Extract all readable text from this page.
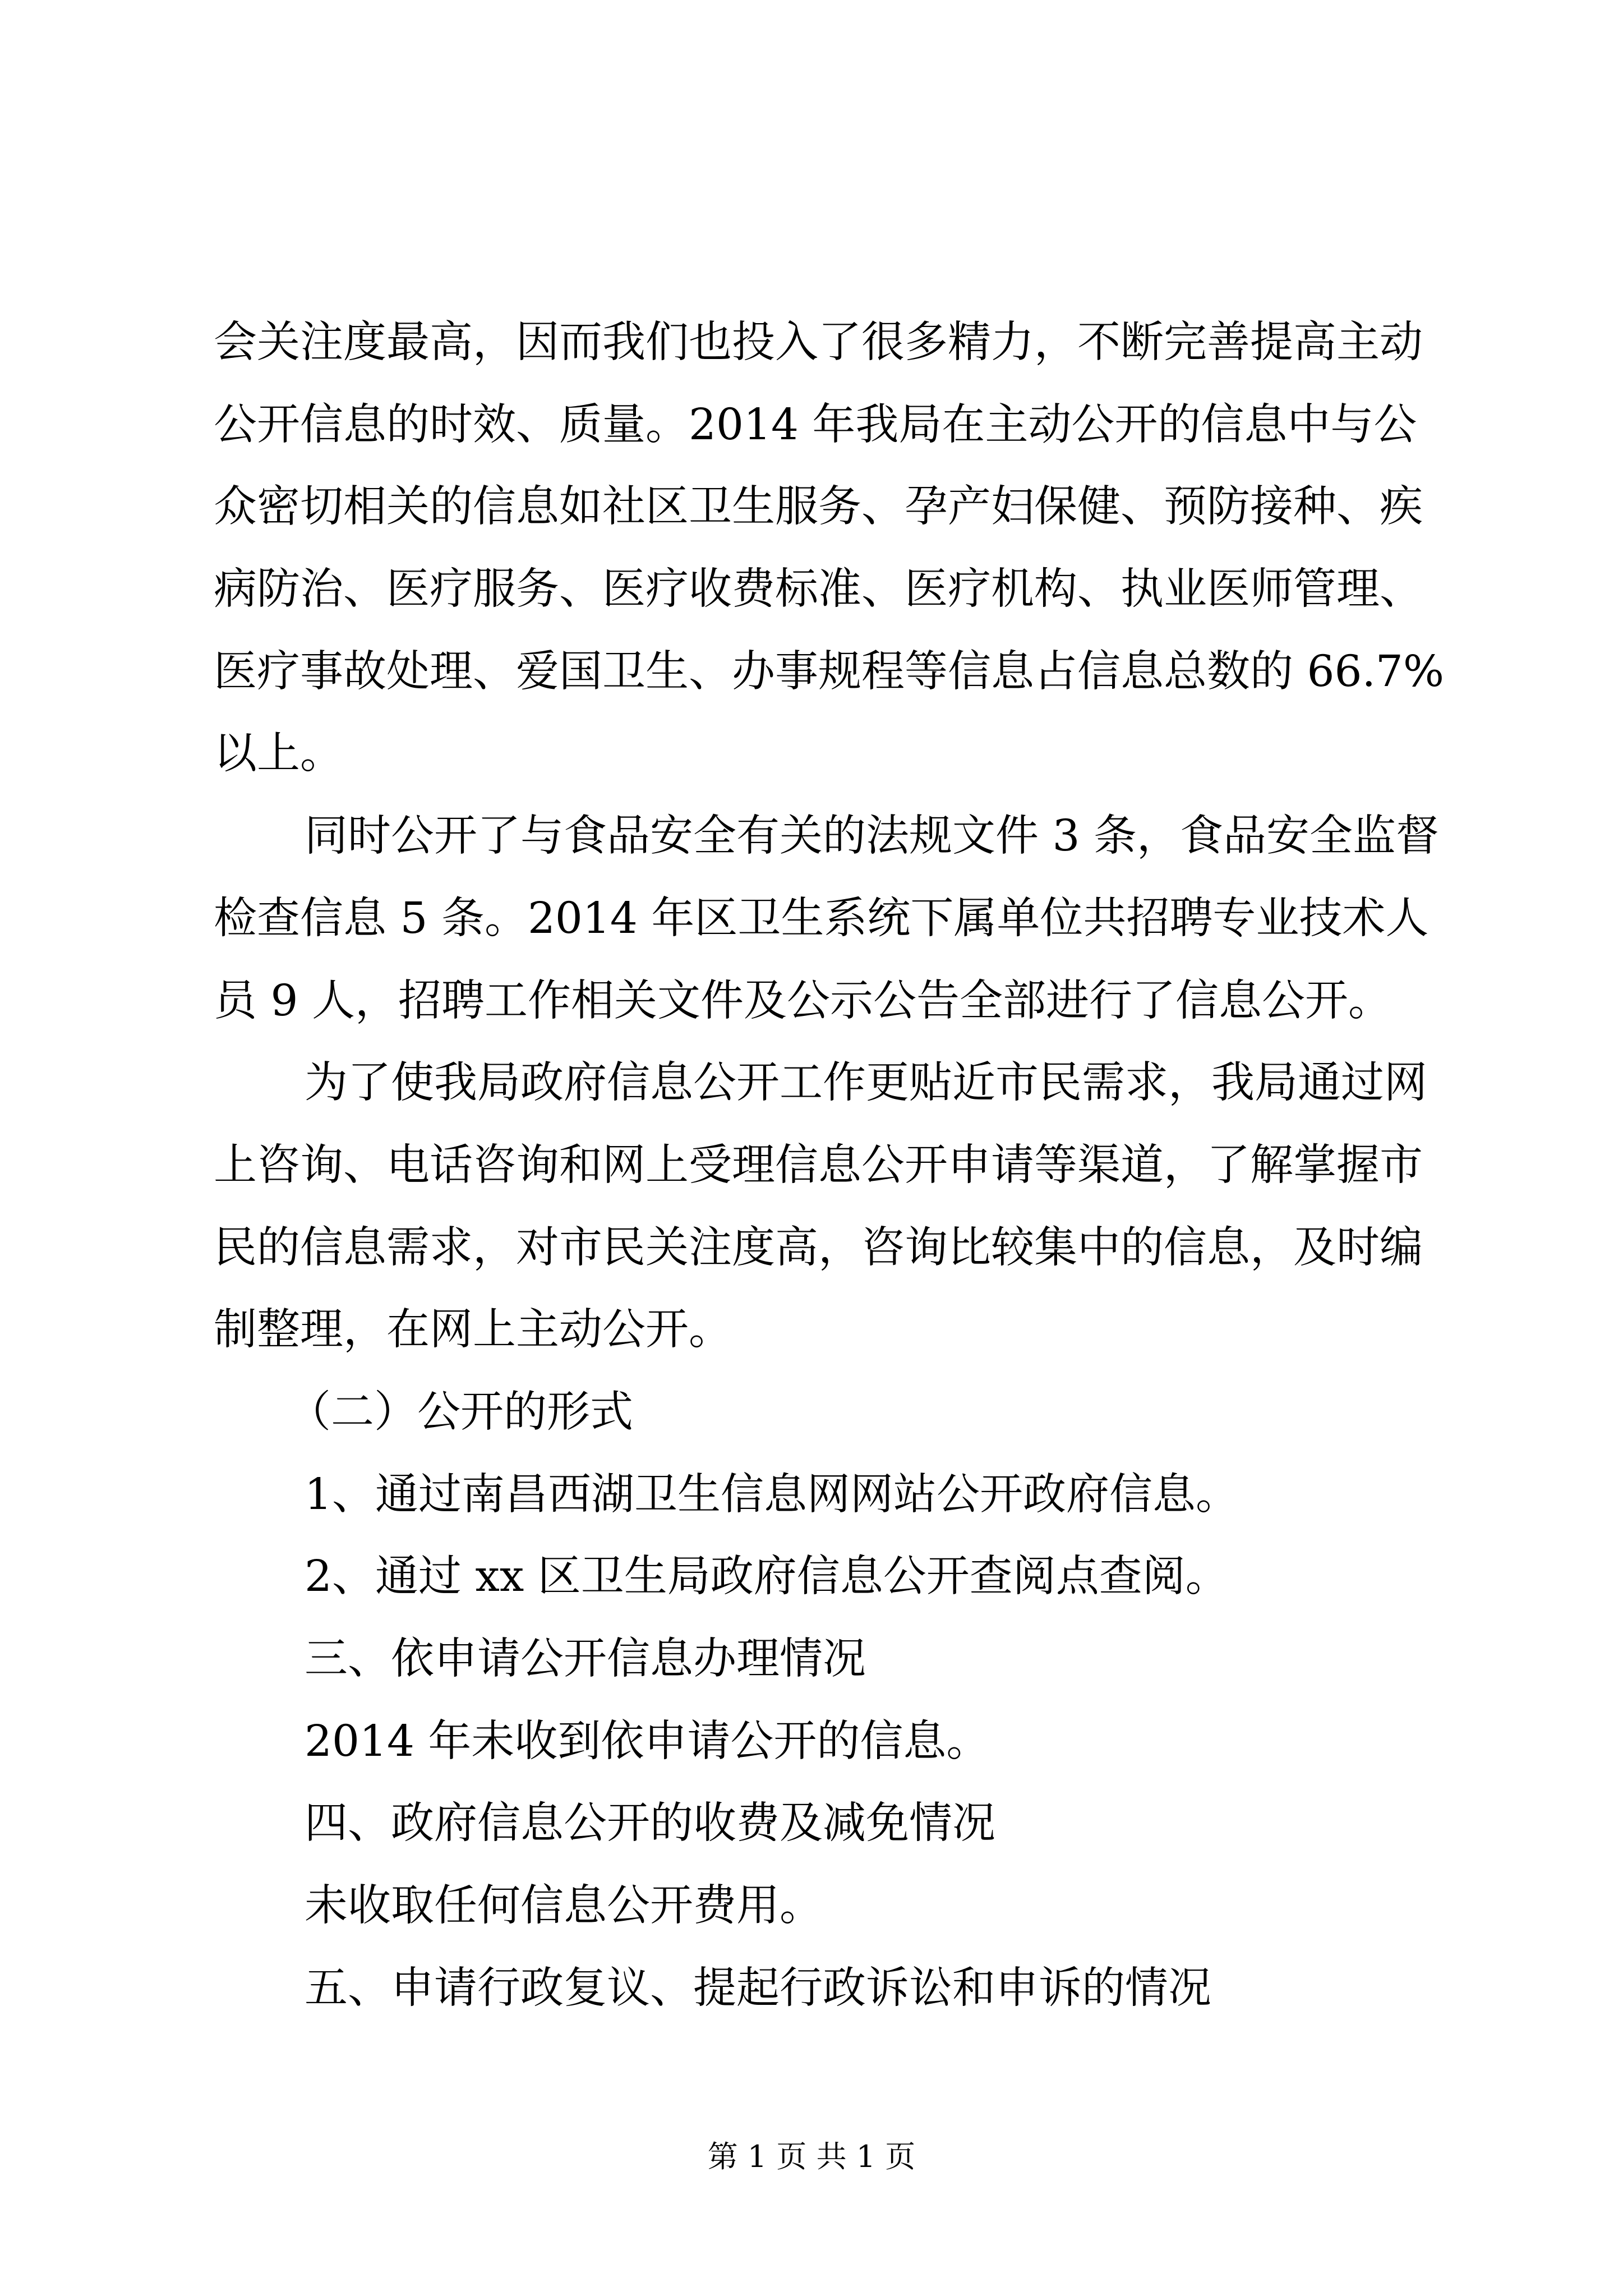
会关注度最高，因而我们也投入了很多精力，不断完善提高主动
公开信息的时效、质量。2014 年我局在主动公开的信息中与公
众密切相关的信息如社区卫生服务、孕产妇保健、预防接种、疾
病防治、医疗服务、医疗收费标准、医疗机构、执业医师管理、
医疗事故处理、爱国卫生、办事规程等信息占信息总数的 66.7%
以上。
同时公开了与食品安全有关的法规文件 3 条，食品安全监督
检查信息 5 条。2014 年区卫生系统下属单位共招聘专业技术人
员 9 人，招聘工作相关文件及公示公告全部进行了信息公开。
为了使我局政府信息公开工作更贴近市民需求，我局通过网
上咨询、电话咨询和网上受理信息公开申请等渠道，了解掌握市
民的信息需求，对市民关注度高，咨询比较集中的信息，及时编
制整理，在网上主动公开。
（二）公开的形式
1、通过南昌西湖卫生信息网网站公开政府信息。
2、通过 xx 区卫生局政府信息公开查阅点查阅。
三、依申请公开信息办理情况
2014 年未收到依申请公开的信息。
四、政府信息公开的收费及减免情况
未收取任何信息公开费用。
五、申请行政复议、提起行政诉讼和申诉的情况
第 1 页 共 1 页
